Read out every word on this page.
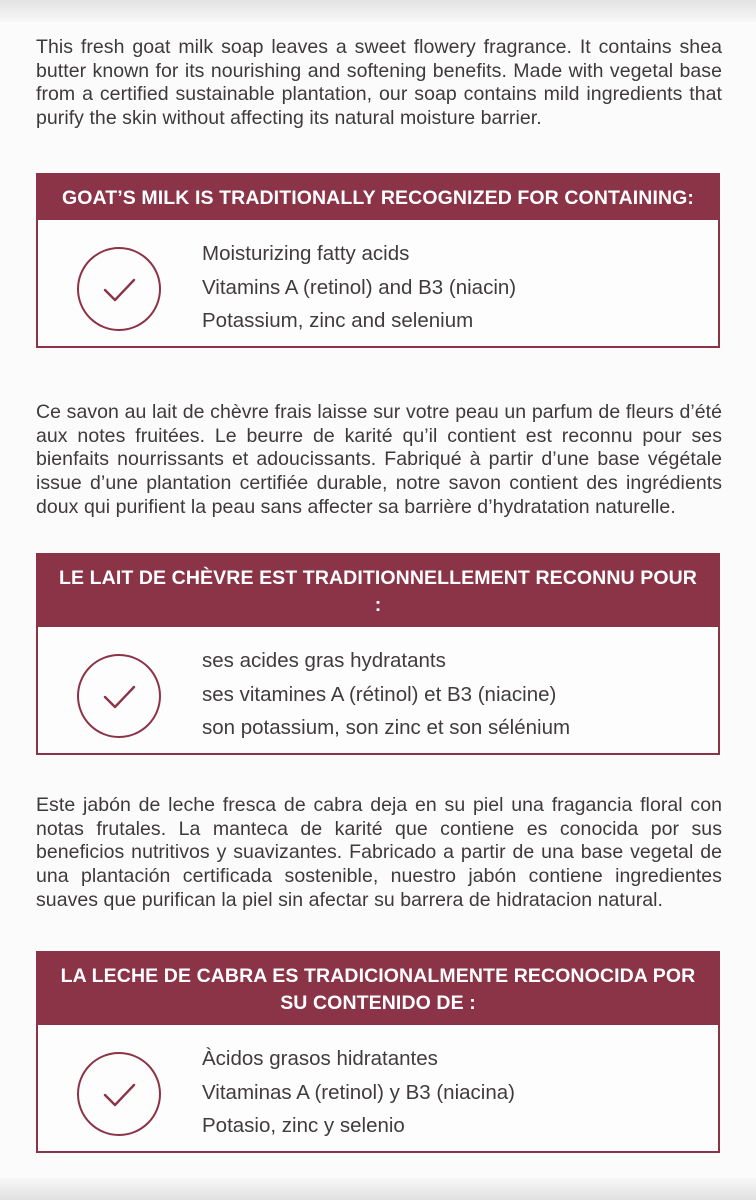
This fresh goat milk soap leaves a sweet flowery fragrance. It contains shea butter known for its nourishing and softening benefits. Made with vegetal base from a certified sustainable plantation, our soap contains mild ingredients that purify the skin without affecting its natural moisture barrier.

GOAT’S MILK IS TRADITIONALLY RECOGNIZED FOR CONTAINING:
Moisturizing fatty acids
Vitamins A (retinol) and B3 (niacin)
Potassium, zinc and selenium

Ce savon au lait de chèvre frais laisse sur votre peau un parfum de fleurs d’été aux notes fruitées. Le beurre de karité qu’il contient est reconnu pour ses bienfaits nourrissants et adoucissants. Fabriqué à partir d’une base végétale issue d’une plantation certifiée durable, notre savon contient des ingrédients doux qui purifient la peau sans affecter sa barrière d’hydratation naturelle.

LE LAIT DE CHÈVRE EST TRADITIONNELLEMENT RECONNU POUR :
ses acides gras hydratants
ses vitamines A (rétinol) et B3 (niacine)
son potassium, son zinc et son sélénium

Este jabón de leche fresca de cabra deja en su piel una fragancia floral con notas frutales. La manteca de karité que contiene es conocida por sus beneficios nutritivos y suavizantes. Fabricado a partir de una base vegetal de una plantación certificada sostenible, nuestro jabón contiene ingredientes suaves que purifican la piel sin afectar su barrera de hidratacion natural.

LA LECHE DE CABRA ES TRADICIONALMENTE RECONOCIDA POR SU CONTENIDO DE :
Àcidos grasos hidratantes
Vitaminas A (retinol) y B3 (niacina)
Potasio, zinc y selenio
